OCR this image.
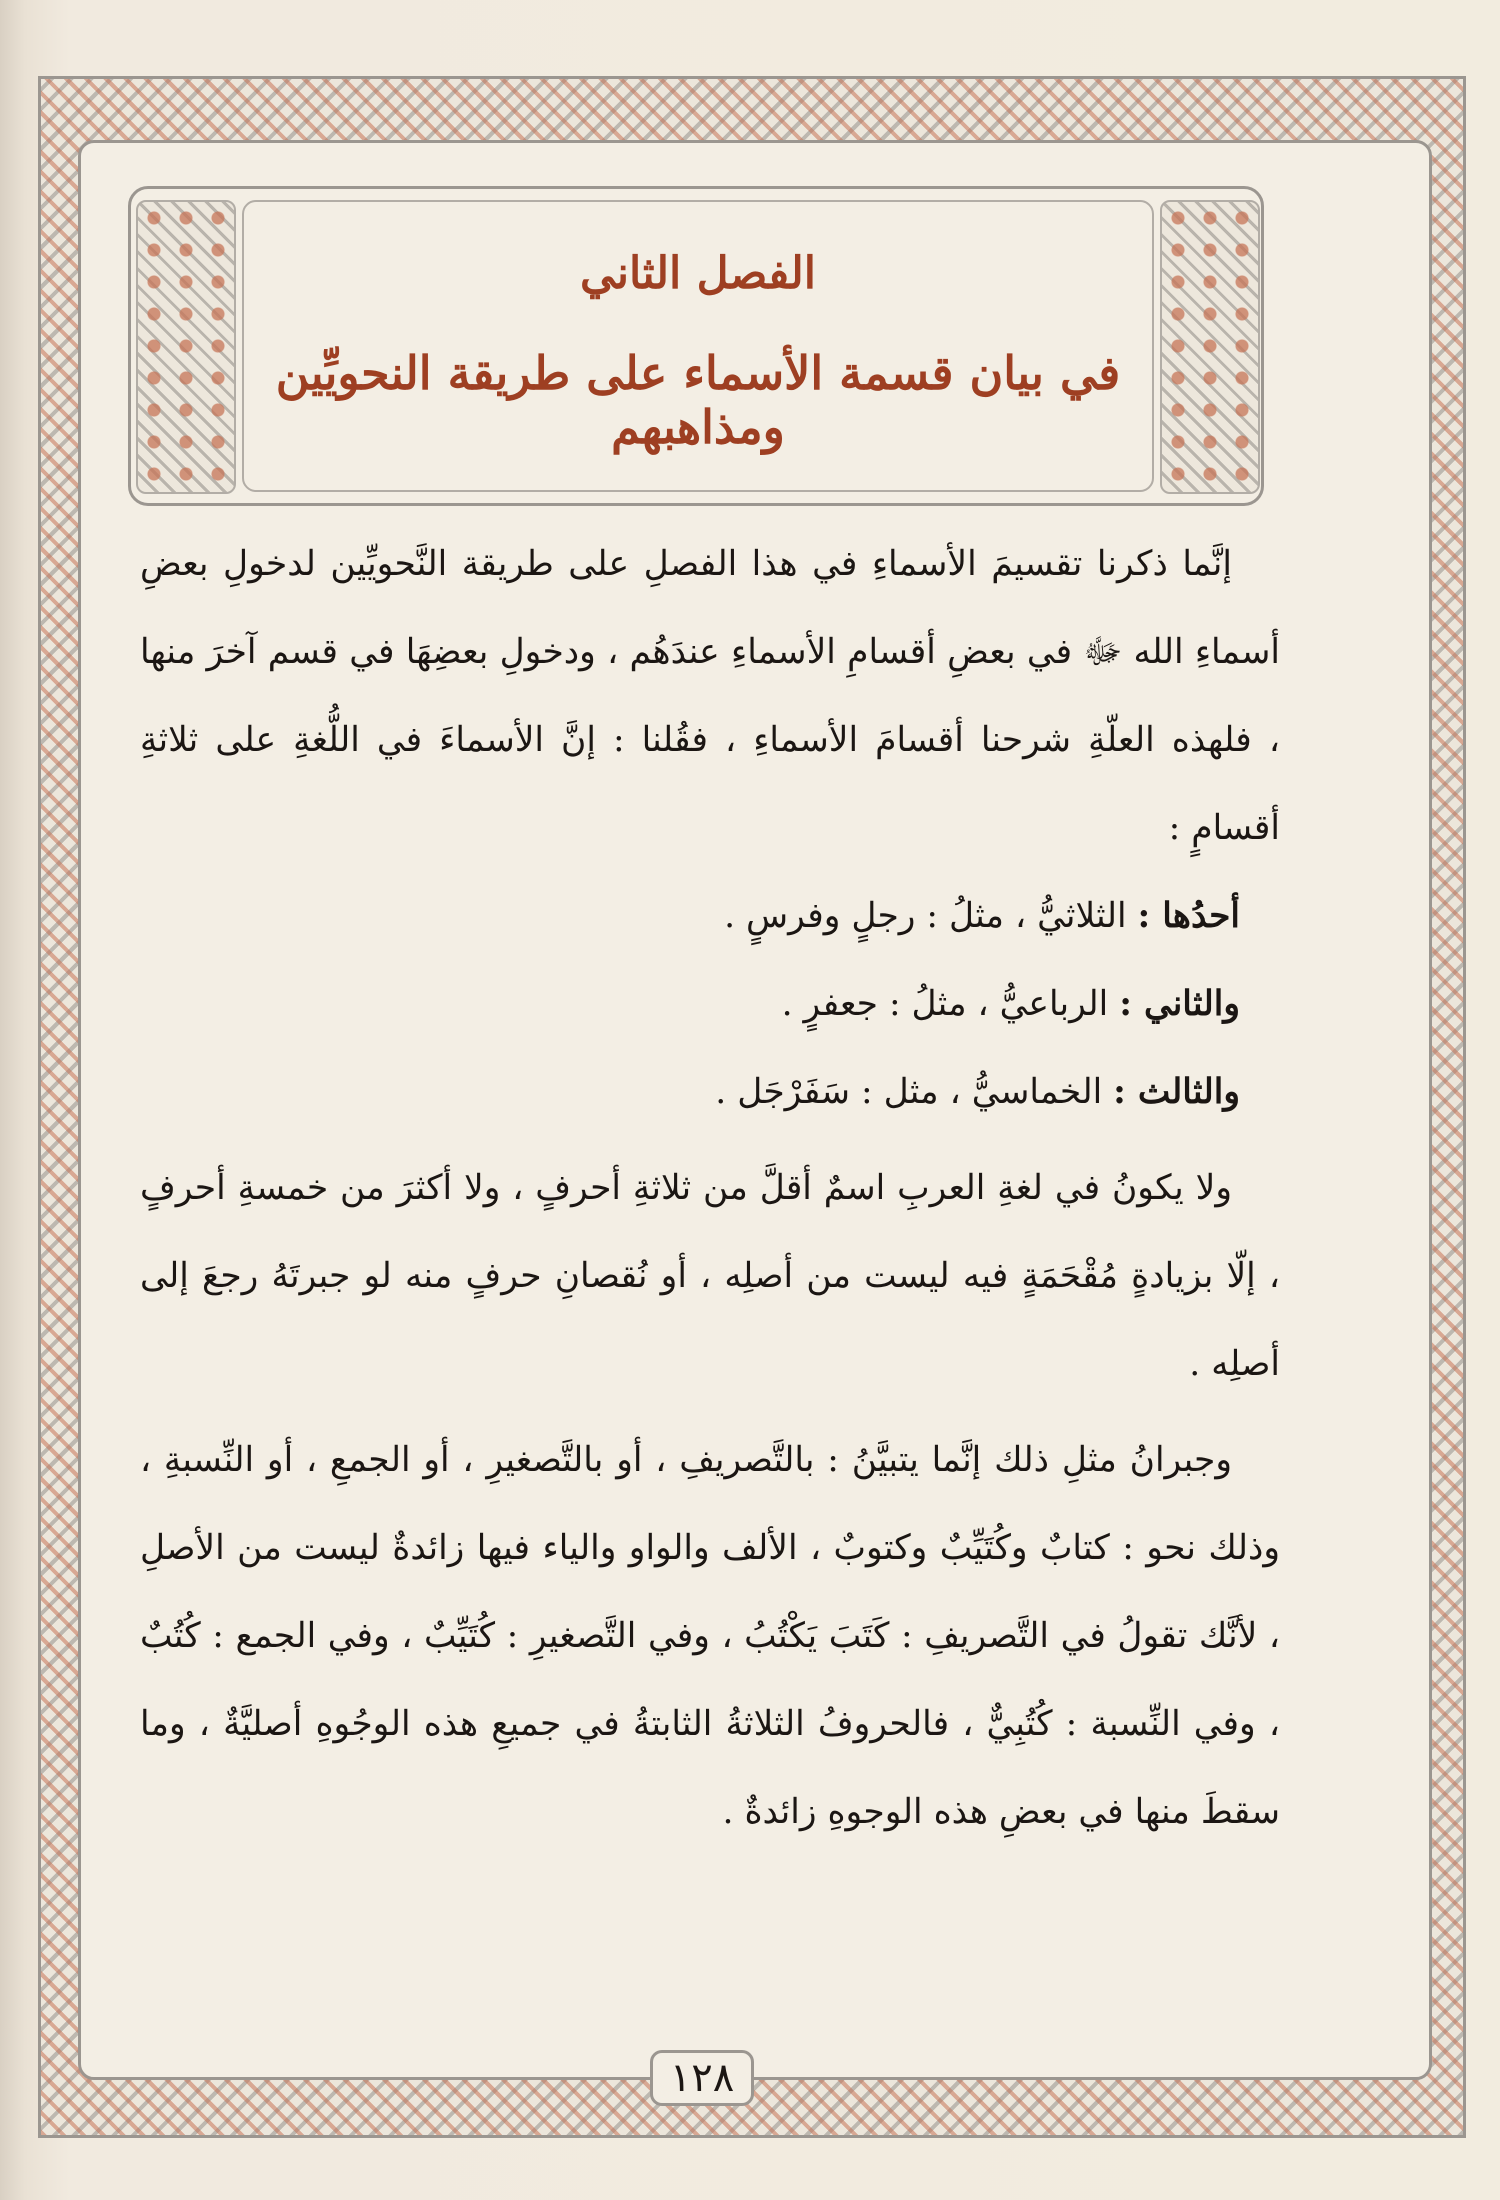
الفصل الثاني
في بيان قسمة الأسماء على طريقة النحويِّين ومذاهبهم

إنَّما ذكرنا تقسيمَ الأسماءِ في هذا الفصلِ على طريقة النَّحويِّين لدخولِ بعضِ أسماءِ الله ﷻ في بعضِ أقسامِ الأسماءِ عندَهُم ، ودخولِ بعضِهَا في قسم آخرَ منها ، فلهذه العلّةِ شرحنا أقسامَ الأسماءِ ، فقُلنا : إنَّ الأسماءَ في اللُّغةِ على ثلاثةِ أقسامٍ :

أحدُها : الثلاثيُّ ، مثلُ : رجلٍ وفرسٍ .

والثاني : الرباعيُّ ، مثلُ : جعفرٍ .

والثالث : الخماسيُّ ، مثل : سَفَرْجَل .

ولا يكونُ في لغةِ العربِ اسمٌ أقلَّ من ثلاثةِ أحرفٍ ، ولا أكثرَ من خمسةِ أحرفٍ ، إلّا بزيادةٍ مُقْحَمَةٍ فيه ليست من أصلِه ، أو نُقصانِ حرفٍ منه لو جبرتَهُ رجعَ إلى أصلِه .

وجبرانُ مثلِ ذلك إنَّما يتبيَّنُ : بالتَّصريفِ ، أو بالتَّصغيرِ ، أو الجمعِ ، أو النِّسبةِ ، وذلك نحو : كتابٌ وكُتَيِّبٌ وكتوبٌ ، الألف والواو والياء فيها زائدةٌ ليست من الأصلِ ، لأنَّك تقولُ في التَّصريفِ : كَتَبَ يَكْتُبُ ، وفي التَّصغيرِ : كُتَيِّبٌ ، وفي الجمع : كُتُبٌ ، وفي النِّسبة : كُتُبِيٌّ ، فالحروفُ الثلاثةُ الثابتةُ في جميعِ هذه الوجُوهِ أصليَّةٌ ، وما سقطَ منها في بعضِ هذه الوجوهِ زائدةٌ .

١٢٨
